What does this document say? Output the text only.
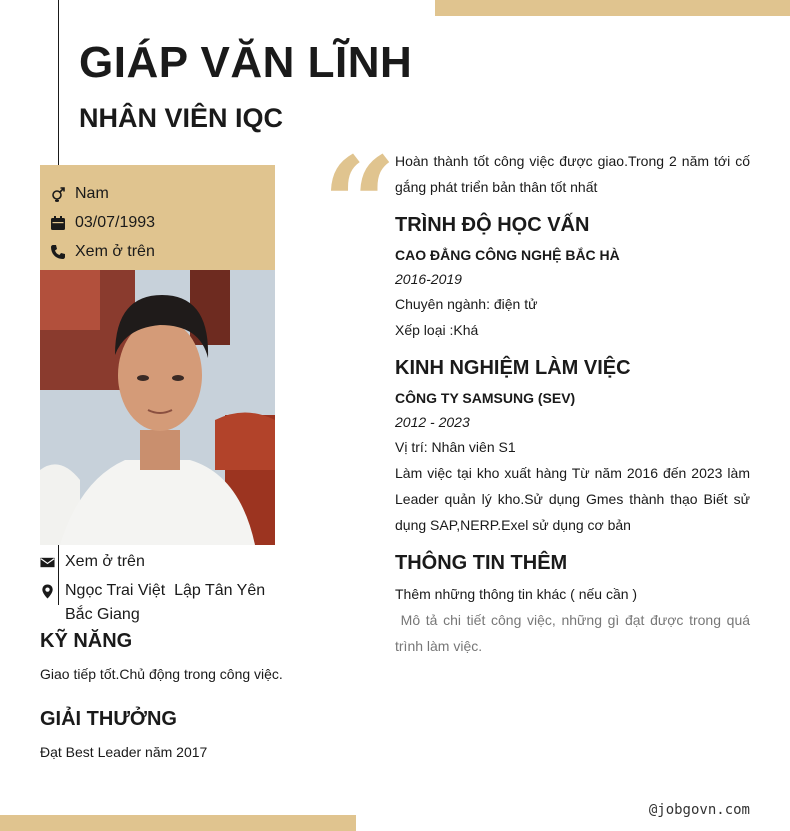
GIÁP VĂN LĨNH
NHÂN VIÊN IQC
Nam
03/07/1993
Xem ở trên
Xem ở trên
Ngọc Trai Việt  Lập Tân Yên
Bắc Giang
KỸ NĂNG
Giao tiếp tốt.Chủ động trong công việc.
GIẢI THƯỞNG
Đạt Best Leader năm 2017
“

Hoàn thành tốt công việc được giao.Trong 2 năm tới cố gắng phát triển bản thân tốt nhất

TRÌNH ĐỘ HỌC VẤN
CAO ĐẲNG CÔNG NGHỆ BẮC HÀ
2016-2019
Chuyên ngành: điện tử
Xếp loại :Khá
KINH NGHIỆM LÀM VIỆC
CÔNG TY SAMSUNG (SEV)
2012 - 2023
Vị trí: Nhân viên S1
Làm việc tại kho xuất hàng Từ năm 2016 đến 2023 làm Leader quản lý kho.Sử dụng Gmes thành thạo Biết sử dụng SAP,NERP.Exel sử dụng cơ bản
THÔNG TIN THÊM
Thêm những thông tin khác ( nếu cần )
Mô tả chi tiết công việc, những gì đạt được trong quá trình làm việc.
@jobgovn.com
